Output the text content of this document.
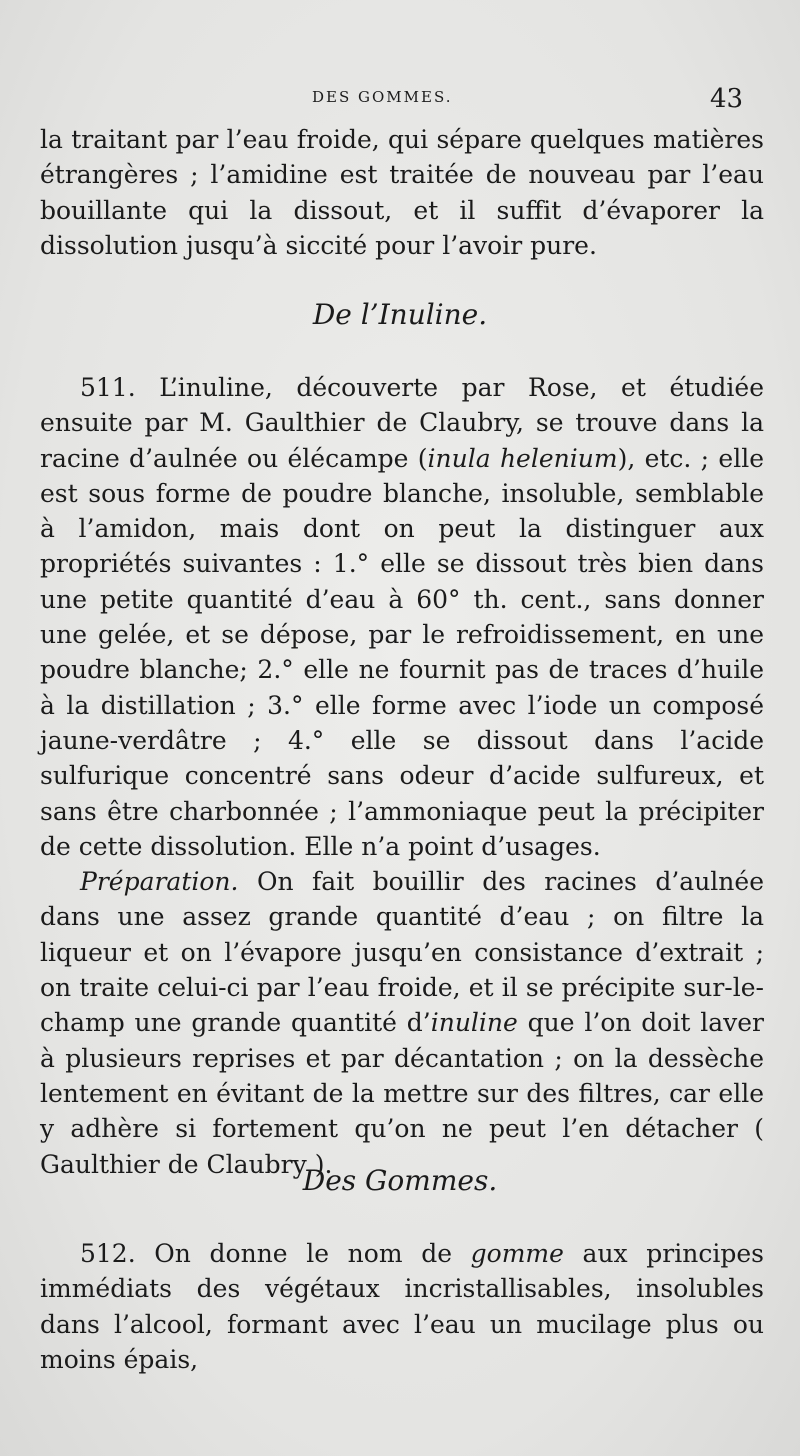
DES GOMMES.	43

la traitant par l’eau froide, qui sépare quelques matières étrangères ; l’amidine est traitée de nouveau par l’eau bouillante qui la dissout, et il suffit d’évaporer la dissolution jusqu’à siccité pour l’avoir pure.

De l’Inuline.

511. L’inuline, découverte par Rose, et étudiée ensuite par M. Gaulthier de Claubry, se trouve dans la racine d’aulnée ou élécampe (inula helenium), etc. ; elle est sous forme de poudre blanche, insoluble, semblable à l’amidon, mais dont on peut la distinguer aux propriétés suivantes : 1.° elle se dissout très bien dans une petite quantité d’eau à 60° th. cent., sans donner une gelée, et se dépose, par le refroidissement, en une poudre blanche; 2.° elle ne fournit pas de traces d’huile à la distillation ; 3.° elle forme avec l’iode un composé jaune-verdâtre ; 4.° elle se dissout dans l’acide sulfurique concentré sans odeur d’acide sulfureux, et sans être charbonnée ; l’ammoniaque peut la précipiter de cette dissolution. Elle n’a point d’usages.

Préparation. On fait bouillir des racines d’aulnée dans une assez grande quantité d’eau ; on filtre la liqueur et on l’évapore jusqu’en consistance d’extrait ; on traite celui-ci par l’eau froide, et il se précipite sur-le-champ une grande quantité d’inuline que l’on doit laver à plusieurs reprises et par décantation ; on la dessèche lentement en évitant de la mettre sur des filtres, car elle y adhère si fortement qu’on ne peut l’en détacher ( Gaulthier de Claubry ).

Des Gommes.

512. On donne le nom de gomme aux principes immédiats des végétaux incristallisables, insolubles dans l’alcool, formant avec l’eau un mucilage plus ou moins épais,
